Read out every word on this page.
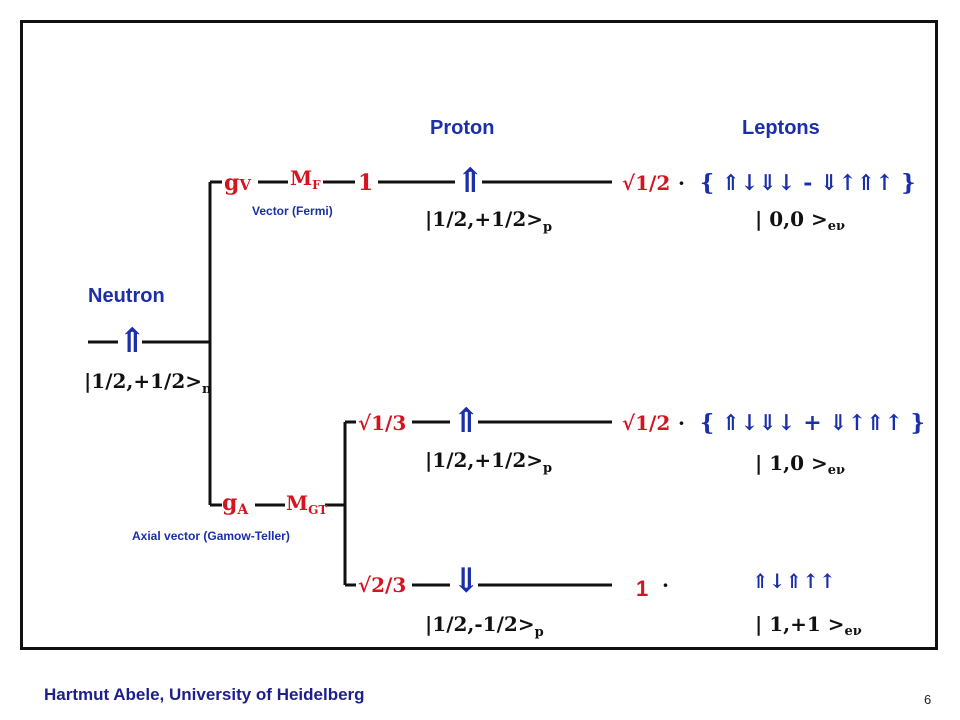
Neutron
Proton	Leptons
⇑
$|1/2,+1/2>_n$
gV $M_F$ 1
Vector (Fermi)
⇑
$|1/2,+1/2>_p$
√1/2 · { ⇑↓⇓↓ - ⇓↑⇑↑ }
| $0,0 >_{e\nu}$
gA $M_{GT}$
Axial vector (Gamow-Teller)
√1/3 ⇑
$|1/2,+1/2>_p$
√1/2 · { ⇑↓⇓↓ + ⇓↑⇑↑ }
| $1,0 >_{e\nu}$
√2/3 ⇓
$|1/2,-1/2>_p$
1 ·	⇑↓⇑↑↑
| $1,+1 >_{e\nu}$
Hartmut Abele, University of Heidelberg	6
